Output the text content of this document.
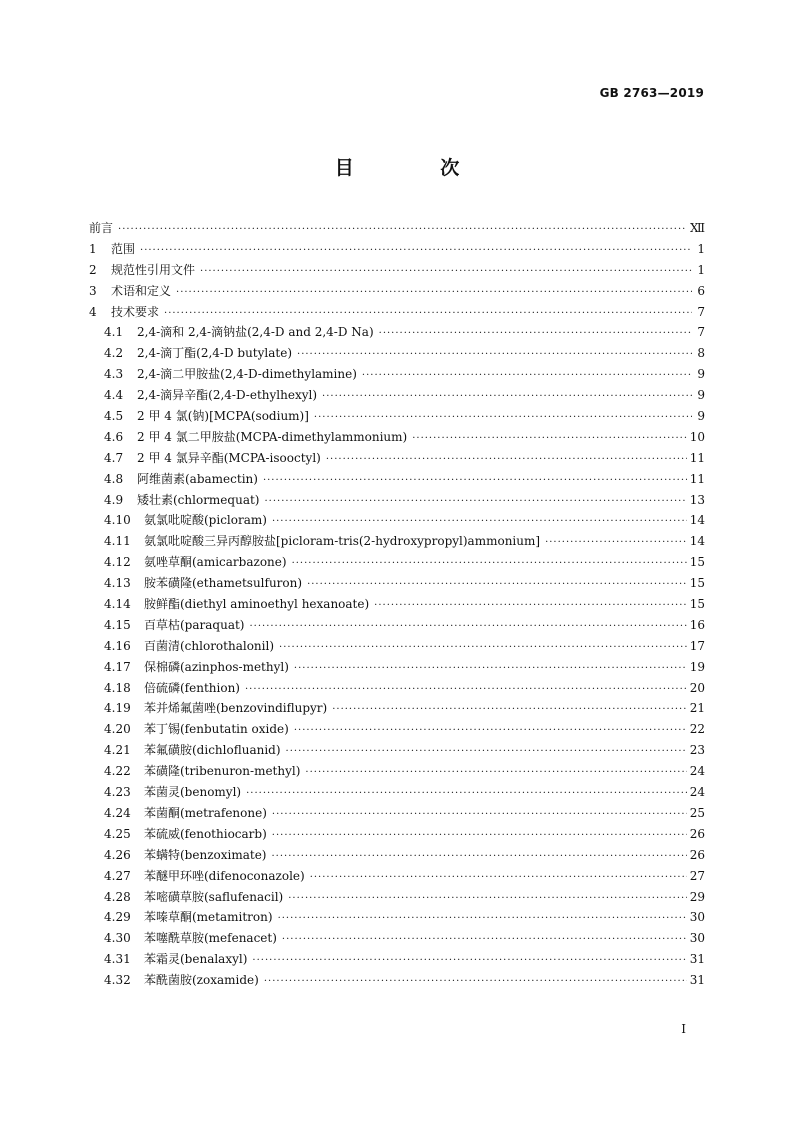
GB 2763—2019
目 次
前言 ·····	Ⅻ
1	范围 ·····	1
2	规范性引用文件 ·····	1
3	术语和定义 ·····	6
4	技术要求 ·····	7
4.1	2,4-滴和 2,4-滴钠盐(2,4-D and 2,4-D Na) ·····	7
4.2	2,4-滴丁酯(2,4-D butylate) ·····	8
4.3	2,4-滴二甲胺盐(2,4-D-dimethylamine) ·····	9
4.4	2,4-滴异辛酯(2,4-D-ethylhexyl) ·····	9
4.5	2 甲 4 氯(钠)[MCPA(sodium)] ·····	9
4.6	2 甲 4 氯二甲胺盐(MCPA-dimethylammonium) ·····	10
4.7	2 甲 4 氯异辛酯(MCPA-isooctyl) ·····	11
4.8	阿维菌素(abamectin) ·····	11
4.9	矮壮素(chlormequat) ·····	13
4.10	氨氯吡啶酸(picloram) ·····	14
4.11	氨氯吡啶酸三异丙醇胺盐[picloram-tris(2-hydroxypropyl)ammonium] ·····	14
4.12	氨唑草酮(amicarbazone) ·····	15
4.13	胺苯磺隆(ethametsulfuron) ·····	15
4.14	胺鲜酯(diethyl aminoethyl hexanoate) ·····	15
4.15	百草枯(paraquat) ·····	16
4.16	百菌清(chlorothalonil) ·····	17
4.17	保棉磷(azinphos-methyl) ·····	19
4.18	倍硫磷(fenthion) ·····	20
4.19	苯并烯氟菌唑(benzovindiflupyr) ·····	21
4.20	苯丁锡(fenbutatin oxide) ·····	22
4.21	苯氟磺胺(dichlofluanid) ·····	23
4.22	苯磺隆(tribenuron-methyl) ·····	24
4.23	苯菌灵(benomyl) ·····	24
4.24	苯菌酮(metrafenone) ·····	25
4.25	苯硫威(fenothiocarb) ·····	26
4.26	苯螨特(benzoximate) ·····	26
4.27	苯醚甲环唑(difenoconazole) ·····	27
4.28	苯嘧磺草胺(saflufenacil) ·····	29
4.29	苯嗪草酮(metamitron) ·····	30
4.30	苯噻酰草胺(mefenacet) ·····	30
4.31	苯霜灵(benalaxyl) ·····	31
4.32	苯酰菌胺(zoxamide) ·····	31
I
